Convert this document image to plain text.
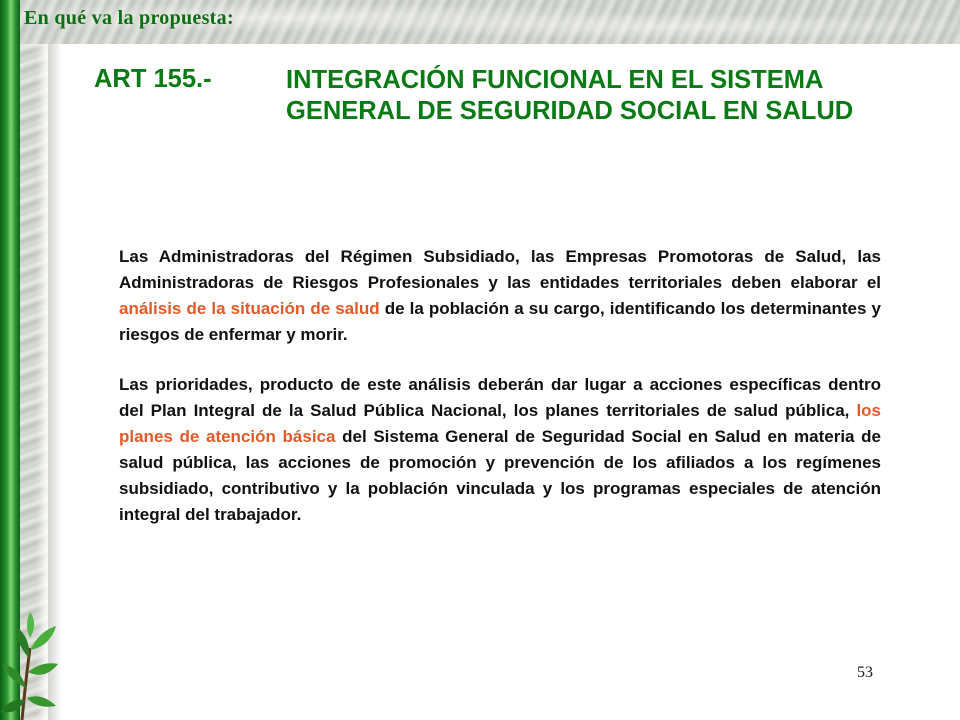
En qué va la propuesta:
ART 155.-	INTEGRACIÓN FUNCIONAL EN EL SISTEMA
GENERAL DE SEGURIDAD SOCIAL EN SALUD

Las Administradoras del Régimen Subsidiado, las Empresas Promotoras de Salud, las Administradoras de Riesgos Profesionales y las entidades territoriales deben elaborar el análisis de la situación de salud de la población a su cargo, identificando los determinantes y riesgos de enfermar y morir.

Las prioridades, producto de este análisis deberán dar lugar a acciones específicas dentro del Plan Integral de la Salud Pública Nacional, los planes territoriales de salud pública, los planes de atención básica del Sistema General de Seguridad Social en Salud en materia de salud pública, las acciones de promoción y prevención de los afiliados a los regímenes subsidiado, contributivo y la población vinculada y los programas especiales de atención integral del trabajador.

53
